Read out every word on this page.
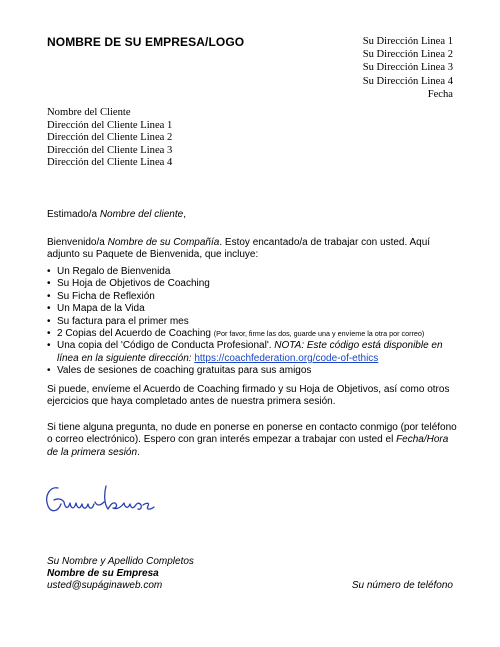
NOMBRE DE SU EMPRESA/LOGO	Su Dirección Linea 1
Su Dirección Linea 2
Su Dirección Linea 3
Su Dirección Linea 4
Fecha
Nombre del Cliente
Dirección del Cliente Linea 1
Dirección del Cliente Linea 2
Dirección del Cliente Linea 3
Dirección del Cliente Linea 4
Estimado/a Nombre del cliente,
Bienvenido/a Nombre de su Compañía. Estoy encantado/a de trabajar con usted. Aquí adjunto su Paquete de Bienvenida, que incluye:
• Un Regalo de Bienvenida
• Su Hoja de Objetivos de Coaching
• Su Ficha de Reflexión
• Un Mapa de la Vida
• Su factura para el primer mes
• 2 Copias del Acuerdo de Coaching (Por favor, firme las dos, guarde una y envíeme la otra por correo)
• Una copia del 'Código de Conducta Profesional'. NOTA: Este código está disponible en línea en la siguiente dirección: https://coachfederation.org/code-of-ethics
• Vales de sesiones de coaching gratuitas para sus amigos
Si puede, envíeme el Acuerdo de Coaching firmado y su Hoja de Objetivos, así como otros ejercicios que haya completado antes de nuestra primera sesión.
Si tiene alguna pregunta, no dude en ponerse en ponerse en contacto conmigo (por teléfono o correo electrónico). Espero con gran interés empezar a trabajar con usted el Fecha/Hora de la primera sesión.
Su Nombre y Apellido Completos
Nombre de su Empresa
usted@supáginaweb.com	Su número de teléfono
